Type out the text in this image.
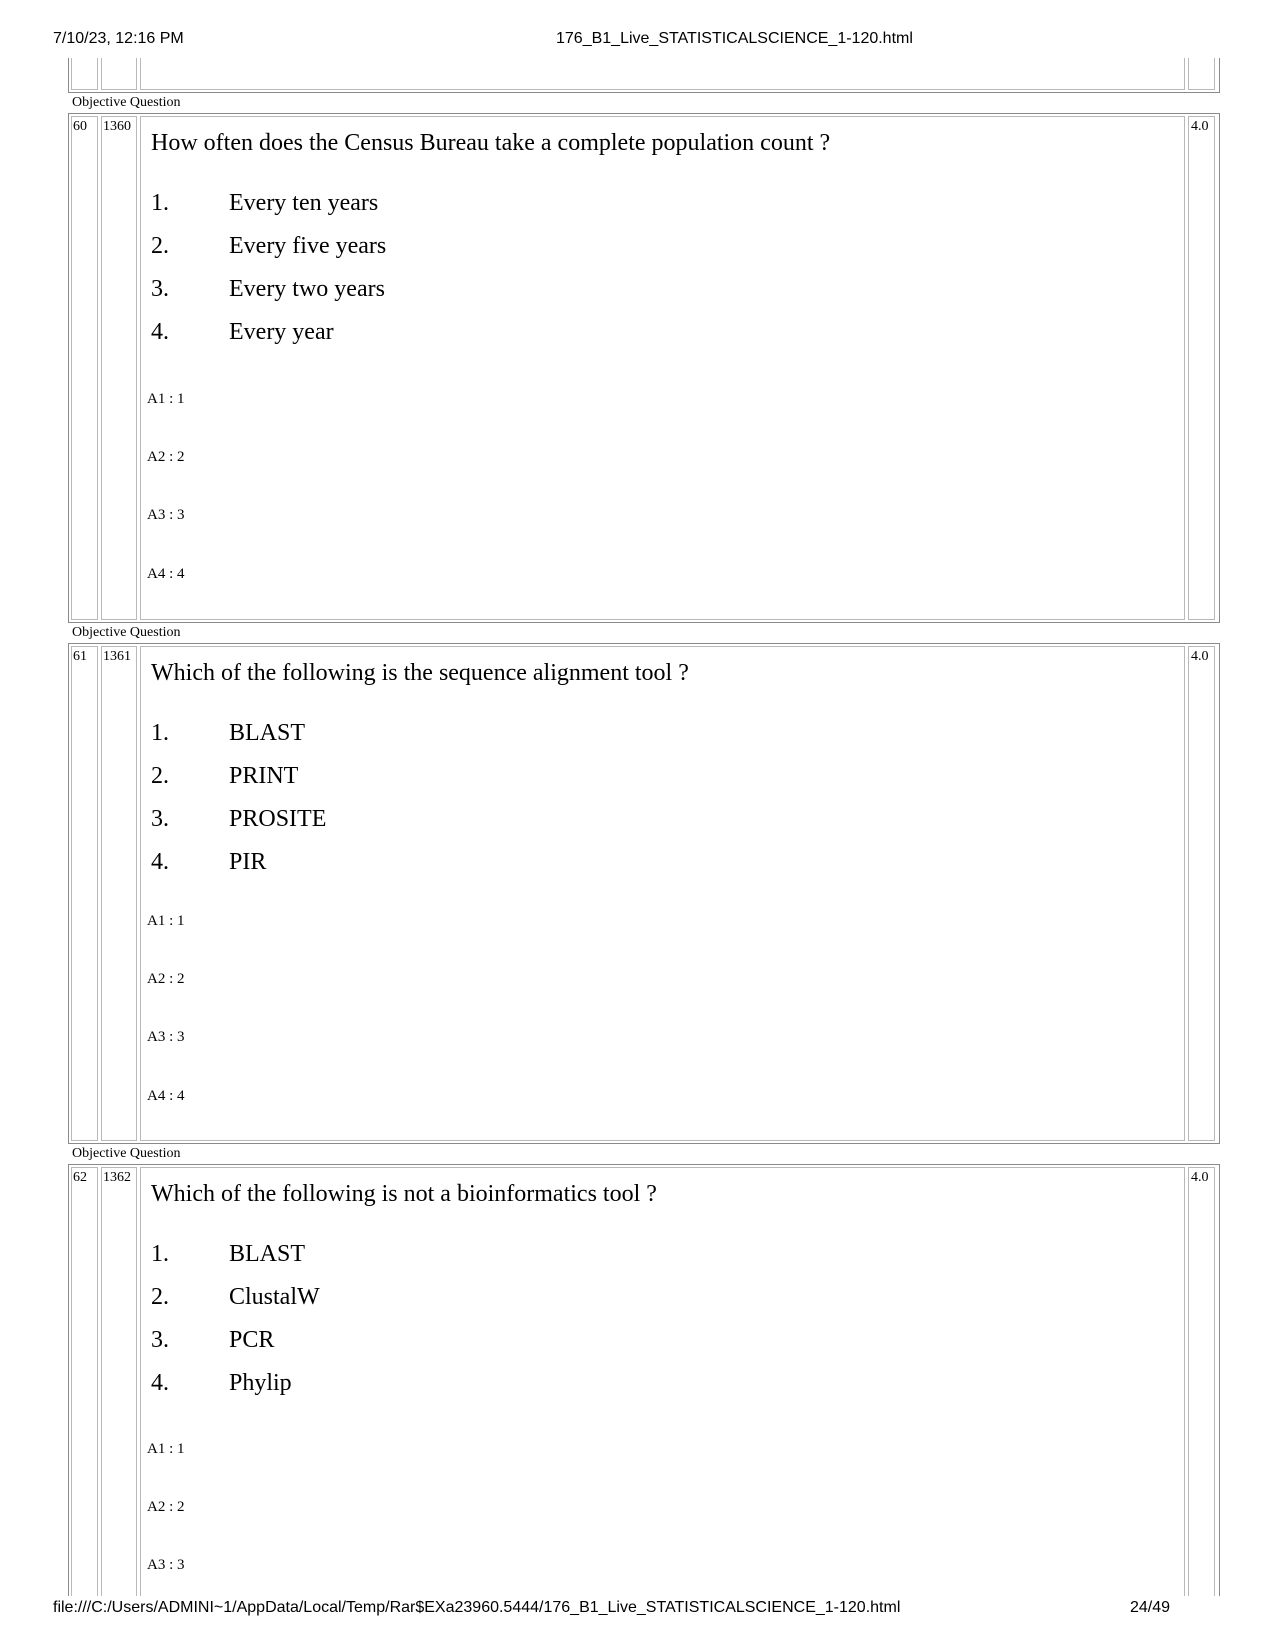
7/10/23, 12:16 PM	176_B1_Live_STATISTICALSCIENCE_1-120.html
Objective Question
60 1360	4.0
How often does the Census Bureau take a complete population count ?
1.	Every ten years
2.	Every five years
3.	Every two years
4.	Every year
A1 : 1
A2 : 2
A3 : 3
A4 : 4
Objective Question
61 1361	4.0
Which of the following is the sequence alignment tool ?
1.	BLAST
2.	PRINT
3.	PROSITE
4.	PIR
A1 : 1
A2 : 2
A3 : 3
A4 : 4
Objective Question
62 1362	4.0
Which of the following is not a bioinformatics tool ?
1.	BLAST
2.	ClustalW
3.	PCR
4.	Phylip
A1 : 1
A2 : 2
A3 : 3
file:///C:/Users/ADMINI~1/AppData/Local/Temp/Rar$EXa23960.5444/176_B1_Live_STATISTICALSCIENCE_1-120.html	24/49
